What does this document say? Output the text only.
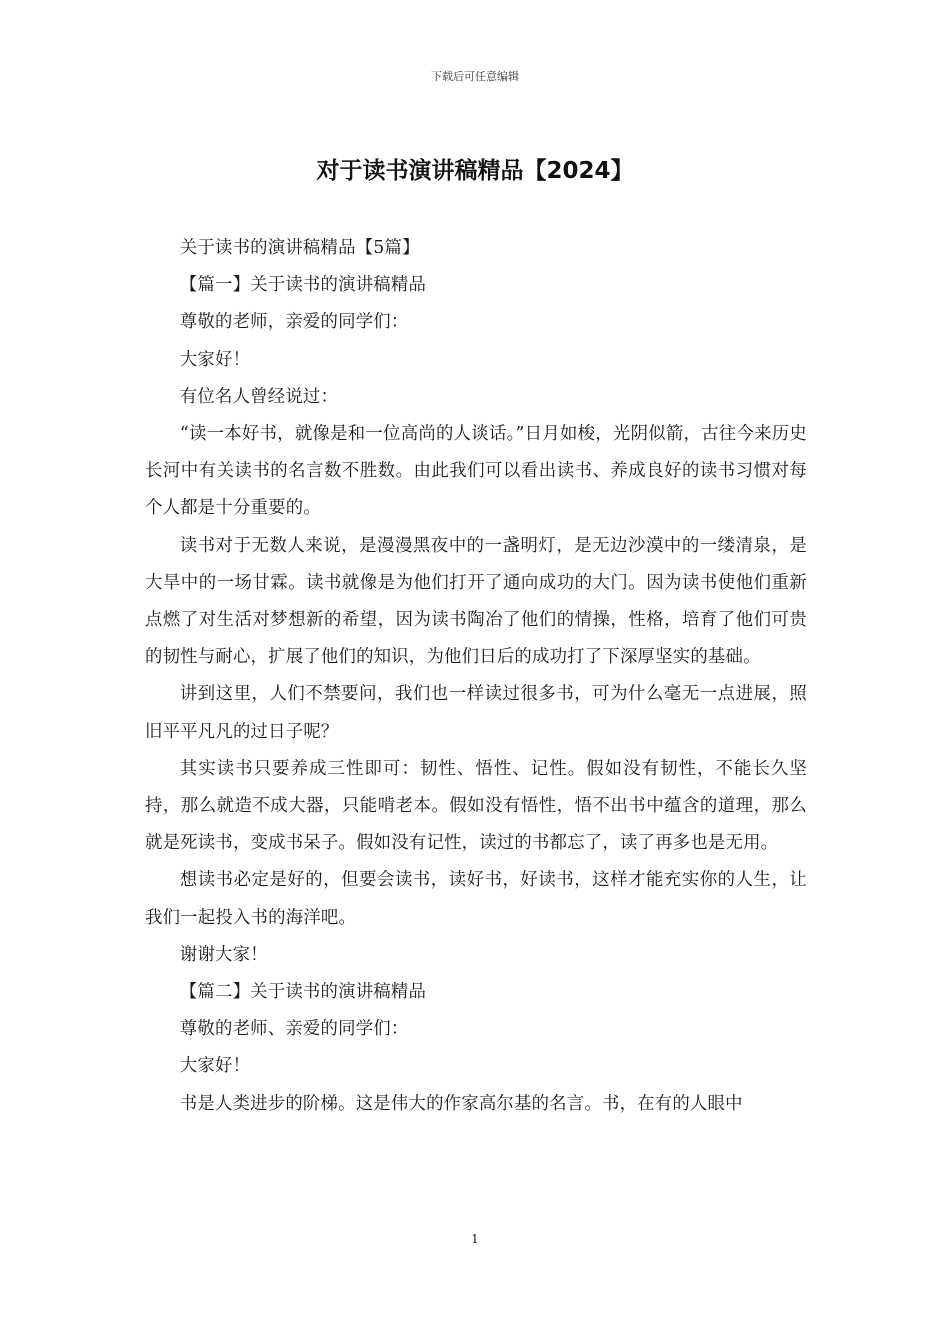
下载后可任意编辑
对于读书演讲稿精品【2024】

关于读书的演讲稿精品【5篇】

【篇一】关于读书的演讲稿精品

尊敬的老师，亲爱的同学们：

大家好！

有位名人曾经说过：

“读一本好书，就像是和一位高尚的人谈话。”日月如梭，光阴似箭，古往今来历史长河中有关读书的名言数不胜数。由此我们可以看出读书、养成良好的读书习惯对每个人都是十分重要的。

读书对于无数人来说，是漫漫黑夜中的一盏明灯，是无边沙漠中的一缕清泉，是大旱中的一场甘霖。读书就像是为他们打开了通向成功的大门。因为读书使他们重新点燃了对生活对梦想新的希望，因为读书陶冶了他们的情操，性格，培育了他们可贵的韧性与耐心，扩展了他们的知识，为他们日后的成功打了下深厚坚实的基础。

讲到这里，人们不禁要问，我们也一样读过很多书，可为什么毫无一点进展，照旧平平凡凡的过日子呢？

其实读书只要养成三性即可：韧性、悟性、记性。假如没有韧性，不能长久坚持，那么就造不成大器，只能啃老本。假如没有悟性，悟不出书中蕴含的道理，那么就是死读书，变成书呆子。假如没有记性，读过的书都忘了，读了再多也是无用。

想读书必定是好的，但要会读书，读好书，好读书，这样才能充实你的人生，让我们一起投入书的海洋吧。

谢谢大家！

【篇二】关于读书的演讲稿精品

尊敬的老师、亲爱的同学们：

大家好！

书是人类进步的阶梯。这是伟大的作家高尔基的名言。书，在有的人眼中

1
